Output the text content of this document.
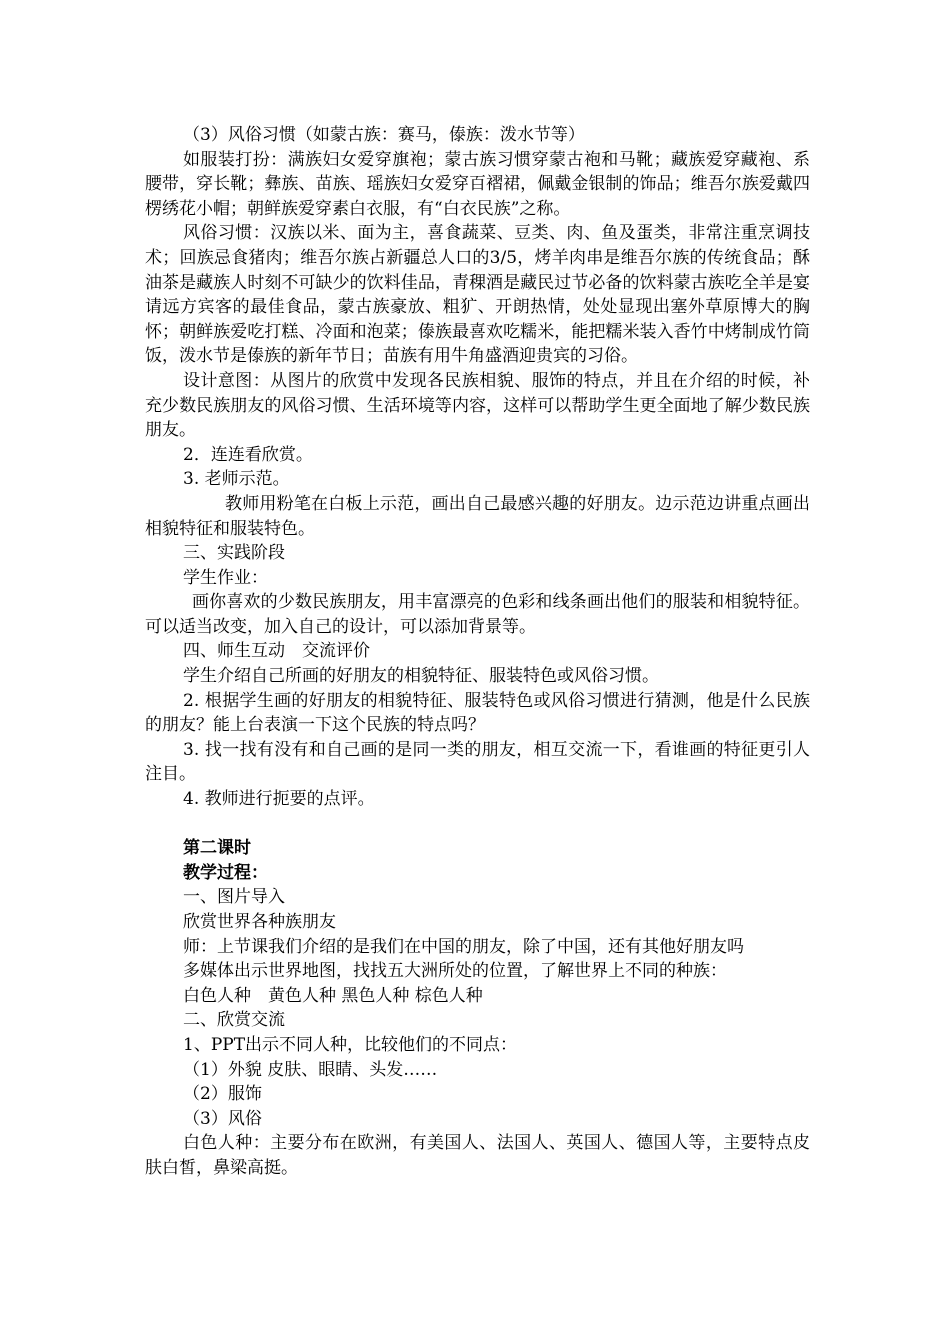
（3）风俗习惯（如蒙古族：赛马，傣族：泼水节等）

如服装打扮：满族妇女爱穿旗袍；蒙古族习惯穿蒙古袍和马靴；藏族爱穿藏袍、系腰带，穿长靴；彝族、苗族、瑶族妇女爱穿百褶裙，佩戴金银制的饰品；维吾尔族爱戴四楞绣花小帽；朝鲜族爱穿素白衣服，有“白衣民族”之称。

风俗习惯：汉族以米、面为主，喜食蔬菜、豆类、肉、鱼及蛋类，非常注重烹调技术；回族忌食猪肉；维吾尔族占新疆总人口的3/5，烤羊肉串是维吾尔族的传统食品；酥油茶是藏族人时刻不可缺少的饮料佳品，青稞酒是藏民过节必备的饮料蒙古族吃全羊是宴请远方宾客的最佳食品，蒙古族豪放、粗犷、开朗热情，处处显现出塞外草原博大的胸怀；朝鲜族爱吃打糕、冷面和泡菜；傣族最喜欢吃糯米，能把糯米装入香竹中烤制成竹筒饭，泼水节是傣族的新年节日；苗族有用牛角盛酒迎贵宾的习俗。

设计意图：从图片的欣赏中发现各民族相貌、服饰的特点，并且在介绍的时候，补充少数民族朋友的风俗习惯、生活环境等内容，这样可以帮助学生更全面地了解少数民族朋友。

2．连连看欣赏。

3. 老师示范。

教师用粉笔在白板上示范，画出自己最感兴趣的好朋友。边示范边讲重点画出相貌特征和服装特色。

三、实践阶段

学生作业：

画你喜欢的少数民族朋友，用丰富漂亮的色彩和线条画出他们的服装和相貌特征。可以适当改变，加入自己的设计，可以添加背景等。

四、师生互动　交流评价

学生介绍自己所画的好朋友的相貌特征、服装特色或风俗习惯。

2. 根据学生画的好朋友的相貌特征、服装特色或风俗习惯进行猜测，他是什么民族的朋友？能上台表演一下这个民族的特点吗？

3. 找一找有没有和自己画的是同一类的朋友，相互交流一下，看谁画的特征更引人注目。

4. 教师进行扼要的点评。

第二课时

教学过程：

一、图片导入

欣赏世界各种族朋友

师：上节课我们介绍的是我们在中国的朋友，除了中国，还有其他好朋友吗

多媒体出示世界地图，找找五大洲所处的位置，了解世界上不同的种族：

白色人种　黄色人种 黑色人种 棕色人种

二、欣赏交流

1、PPT出示不同人种，比较他们的不同点：

（1）外貌 皮肤、眼睛、头发……

（2）服饰

（3）风俗

白色人种：主要分布在欧洲，有美国人、法国人、英国人、德国人等，主要特点皮肤白皙，鼻梁高挺。
